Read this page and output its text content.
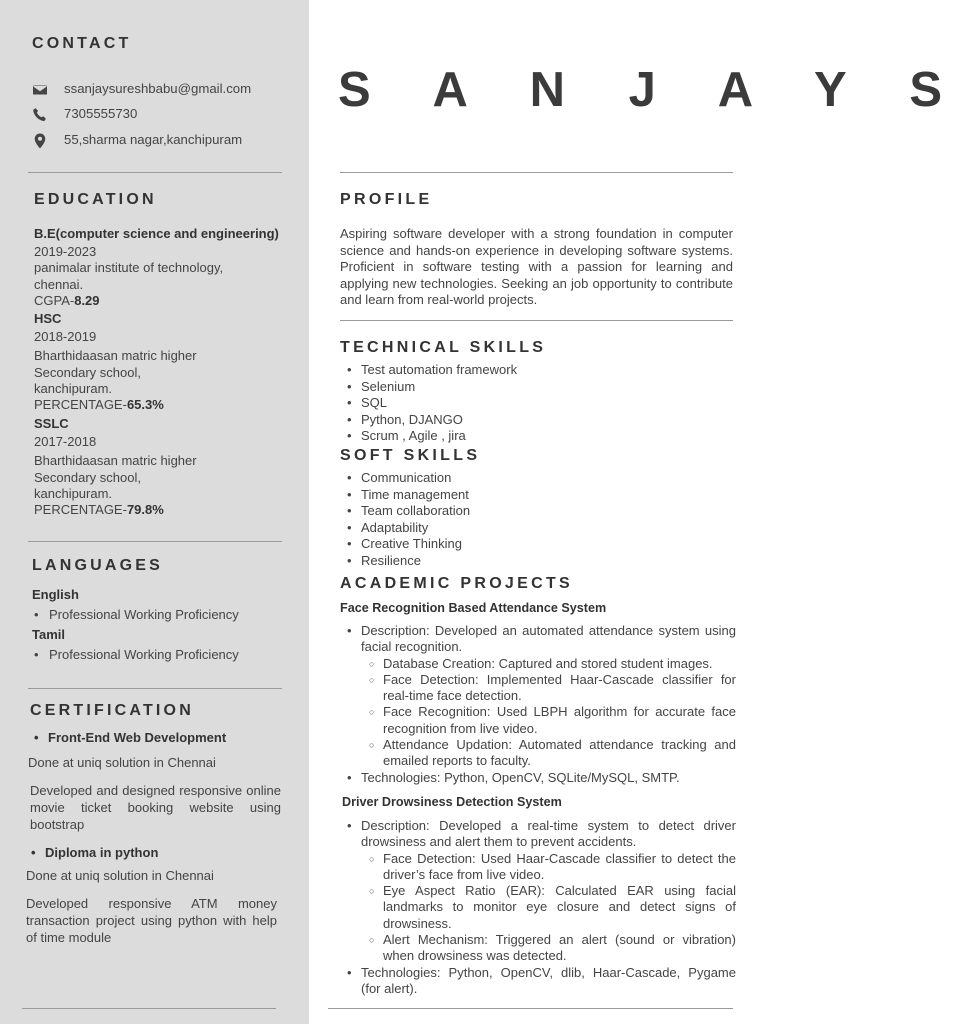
CONTACT
ssanjaysureshbabu@gmail.com
7305555730
55,sharma nagar,kanchipuram
EDUCATION
B.E(computer science and engineering)
2019-2023
panimalar institute of technology,
chennai.
CGPA-8.29
HSC
2018-2019
Bharthidaasan matric higher
Secondary school,
kanchipuram.
PERCENTAGE-65.3%
SSLC
2017-2018
Bharthidaasan matric higher
Secondary school,
kanchipuram.
PERCENTAGE-79.8%
LANGUAGES
English
• Professional Working Proficiency
Tamil
• Professional Working Proficiency
CERTIFICATION
• Front-End Web Development
Done at uniq solution in Chennai
Developed and designed responsive online movie ticket booking website using bootstrap
• Diploma in python
Done at uniq solution in Chennai
Developed responsive ATM money transaction project using python with help of time module
S A N J A Y S
PROFILE

Aspiring software developer with a strong foundation in computer science and hands-on experience in developing software systems. Proficient in software testing with a passion for learning and applying new technologies. Seeking an job opportunity to contribute and learn from real-world projects.

TECHNICAL SKILLS
• Test automation framework
• Selenium
• SQL
• Python, DJANGO
• Scrum , Agile , jira
SOFT SKILLS
• Communication
• Time management
• Team collaboration
• Adaptability
• Creative Thinking
• Resilience
ACADEMIC PROJECTS
Face Recognition Based Attendance System
• Description: Developed an automated attendance system using facial recognition.
○ Database Creation: Captured and stored student images.
○ Face Detection: Implemented Haar-Cascade classifier for real-time face detection.
○ Face Recognition: Used LBPH algorithm for accurate face recognition from live video.
○ Attendance Updation: Automated attendance tracking and emailed reports to faculty.
• Technologies: Python, OpenCV, SQLite/MySQL, SMTP.
Driver Drowsiness Detection System
• Description: Developed a real-time system to detect driver drowsiness and alert them to prevent accidents.
○ Face Detection: Used Haar-Cascade classifier to detect the driver’s face from live video.
○ Eye Aspect Ratio (EAR): Calculated EAR using facial landmarks to monitor eye closure and detect signs of drowsiness.
○ Alert Mechanism: Triggered an alert (sound or vibration) when drowsiness was detected.
• Technologies: Python, OpenCV, dlib, Haar-Cascade, Pygame (for alert).
